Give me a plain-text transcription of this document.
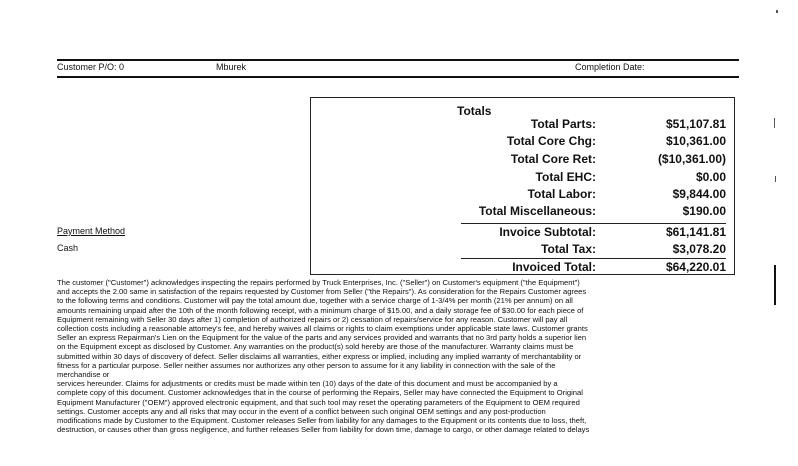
Customer P/O: 0	Mburek	Completion Date:
Totals
Total Parts:	$51,107.81
Total Core Chg:	$10,361.00
Total Core Ret:	($10,361.00)
Total EHC:	$0.00
Total Labor:	$9,844.00
Total Miscellaneous:	$190.00
Invoice Subtotal:	$61,141.81
Total Tax:	$3,078.20
Invoiced Total:	$64,220.01
Payment Method
Cash
The customer ("Customer") acknowledges inspecting the repairs performed by Truck Enterprises, Inc. ("Seller") on Customer's equipment ("the Equipment")
and accepts the 2.00 same in satisfaction of the repairs requested by Customer from Seller ("the Repairs"). As consideration for the Repairs Customer agrees
to the following terms and conditions. Customer will pay the total amount due, together with a service charge of 1-3/4% per month (21% per annum) on all
amounts remaining unpaid after the 10th of the month following receipt, with a minimum charge of $15.00, and a daily storage fee of $30.00 for each piece of
Equipment remaining with Seller 30 days after 1) completion of authorized repairs or 2) cessation of repairs/service for any reason. Customer will pay all
collection costs including a reasonable attorney's fee, and hereby waives all claims or rights to claim exemptions under applicable state laws. Customer grants
Seller an express Repairman's Lien on the Equipment for the value of the parts and any services provided and warrants that no 3rd party holds a superior lien
on the Equipment except as disclosed by Customer. Any warranties on the product(s) sold hereby are those of the manufacturer. Warranty claims must be
submitted within 30 days of discovery of defect. Seller disclaims all warranties, either express or implied, including any implied warranty of merchantability or
fitness for a particular purpose. Seller neither assumes nor authorizes any other person to assume for it any liability in connection with the sale of the
merchandise or
services hereunder. Claims for adjustments or credits must be made within ten (10) days of the date of this document and must be accompanied by a
complete copy of this document. Customer acknowledges that in the course of performing the Repairs, Seller may have connected the Equipment to Original
Equipment Manufacturer ("OEM") approved electronic equipment, and that such tool may reset the operating parameters of the Equipment to OEM required
settings. Customer accepts any and all risks that may occur in the event of a conflict between such original OEM settings and any post-production
modifications made by Customer to the Equipment. Customer releases Seller from liability for any damages to the Equipment or its contents due to loss, theft,
destruction, or causes other than gross negligence, and further releases Seller from liability for down time, damage to cargo, or other damage related to delays
